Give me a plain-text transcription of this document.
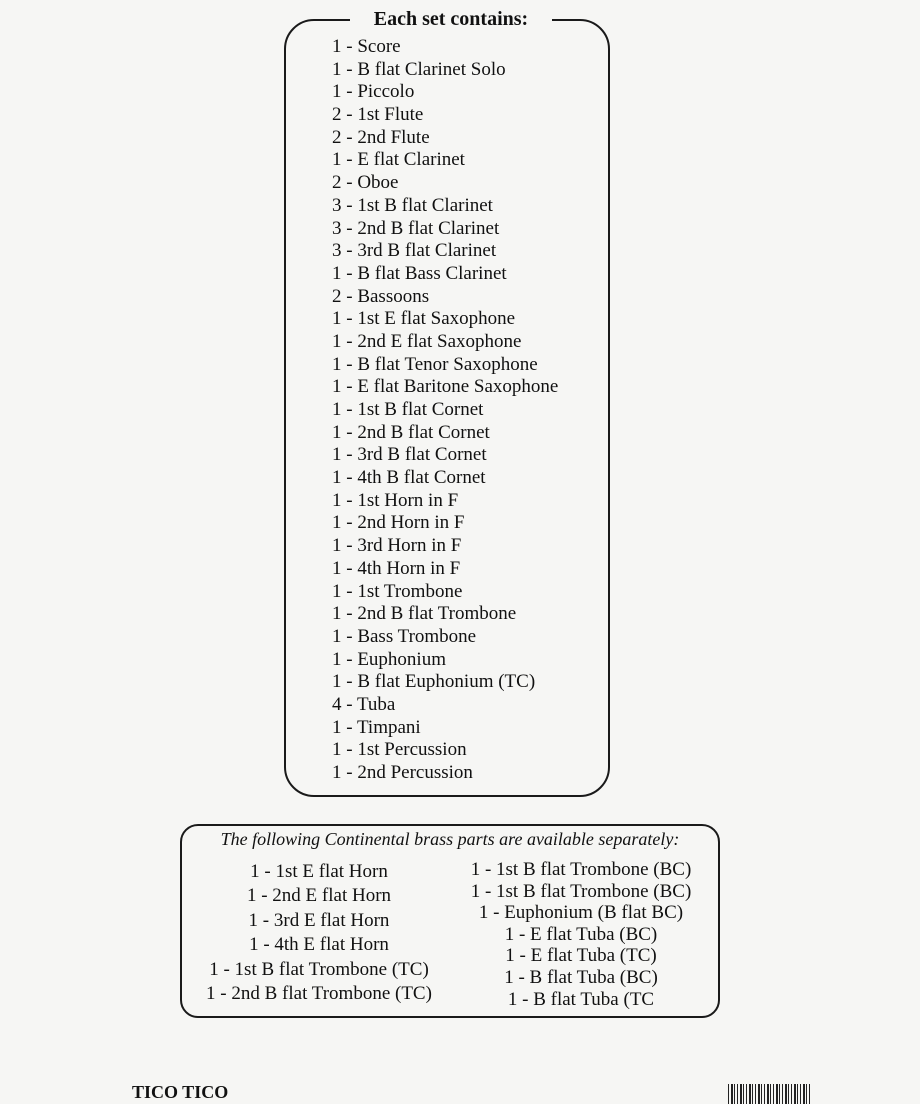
Each set contains:
1 - Score
1 - B flat Clarinet Solo
1 - Piccolo
2 - 1st Flute
2 - 2nd Flute
1 - E flat Clarinet
2 - Oboe
3 - 1st B flat Clarinet
3 - 2nd B flat Clarinet
3 - 3rd B flat Clarinet
1 - B flat Bass Clarinet
2 - Bassoons
1 - 1st E flat Saxophone
1 - 2nd E flat Saxophone
1 - B flat Tenor Saxophone
1 - E flat Baritone Saxophone
1 - 1st B flat Cornet
1 - 2nd B flat Cornet
1 - 3rd B flat Cornet
1 - 4th B flat Cornet
1 - 1st Horn in F
1 - 2nd Horn in F
1 - 3rd Horn in F
1 - 4th Horn in F
1 - 1st Trombone
1 - 2nd B flat Trombone
1 - Bass Trombone
1 - Euphonium
1 - B flat Euphonium (TC)
4 - Tuba
1 - Timpani
1 - 1st Percussion
1 - 2nd Percussion
The following Continental brass parts are available separately:
1 - 1st E flat Horn
1 - 2nd E flat Horn
1 - 3rd E flat Horn
1 - 4th E flat Horn
1 - 1st B flat Trombone (TC)
1 - 2nd B flat Trombone (TC)
1 - 1st B flat Trombone (BC)
1 - 1st B flat Trombone (BC)
1 - Euphonium (B flat BC)
1 - E flat Tuba (BC)
1 - E flat Tuba (TC)
1 - B flat Tuba (BC)
1 - B flat Tuba (TC
TICO TICO
